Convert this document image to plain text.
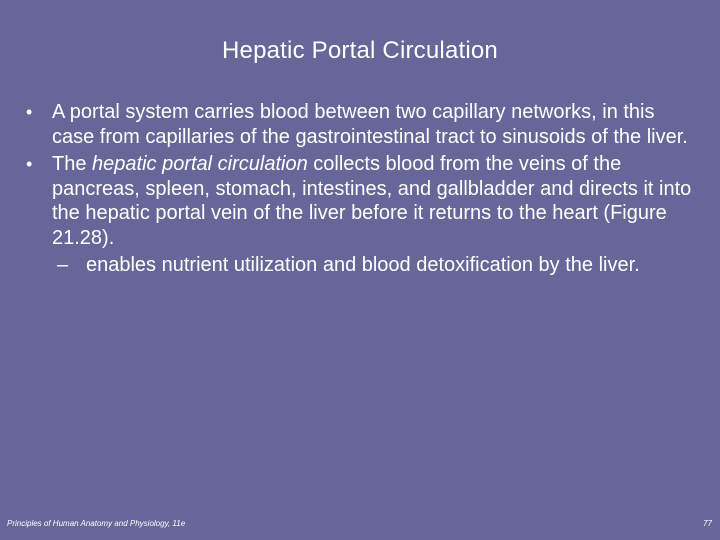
Hepatic Portal Circulation
• A portal system carries blood between two capillary networks, in this case from capillaries of the gastrointestinal tract to sinusoids of the liver.
• The hepatic portal circulation collects blood from the veins of the pancreas, spleen, stomach, intestines, and gallbladder and directs it into the hepatic portal vein of the liver before it returns to the heart (Figure 21.28).
– enables nutrient utilization and blood detoxification by the liver.
Principles of Human Anatomy and Physiology, 11e	77
